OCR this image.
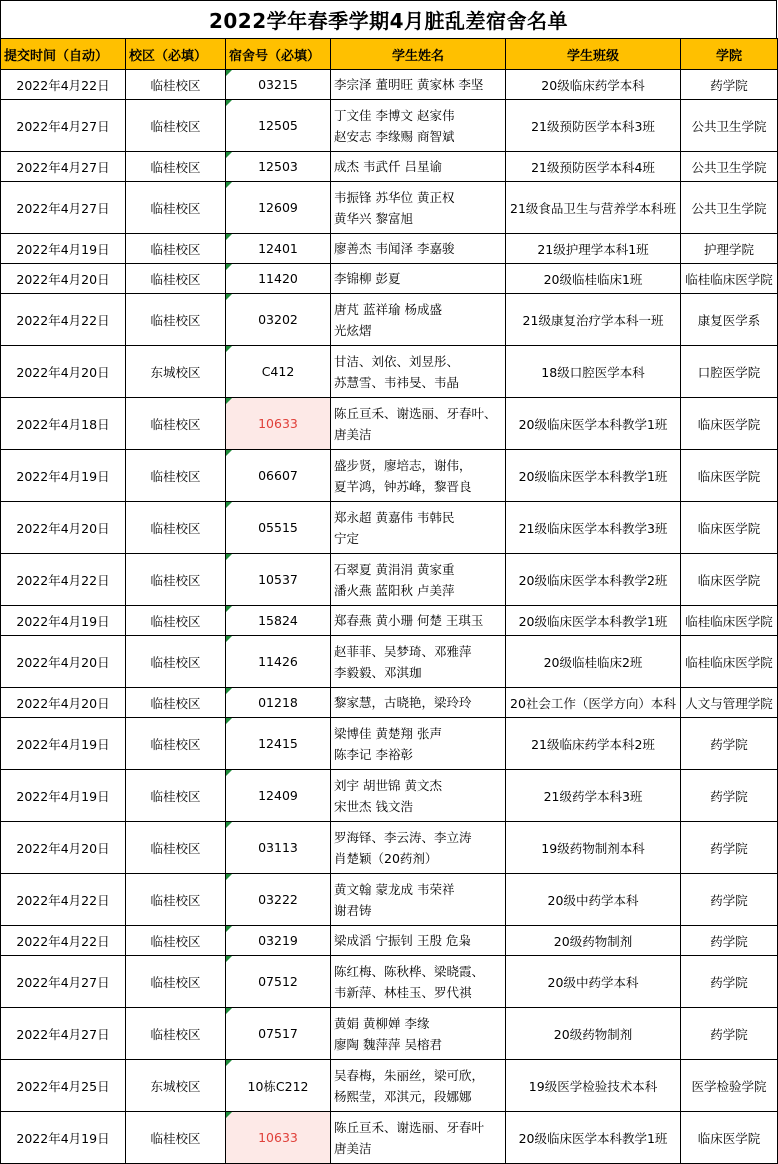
2022学年春季学期4月脏乱差宿舍名单
提交时间（自动）	校区（必填）	宿舍号（必填）	学生姓名	学生班级	学院
2022年4月22日	临桂校区	03215	李宗泽 董明旺 黄家林 李坚	20级临床药学本科	药学院
2022年4月27日	临桂校区	12505	丁文佳 李博文 赵家伟
赵安志 李缘赐 商智斌	21级预防医学本科3班	公共卫生学院
2022年4月27日	临桂校区	12503	成杰 韦武仟 吕星谕	21级预防医学本科4班	公共卫生学院
2022年4月27日	临桂校区	12609	韦振锋 苏华位 黄正权
黄华兴 黎富旭	21级食品卫生与营养学本科班	公共卫生学院
2022年4月19日	临桂校区	12401	廖善杰 韦闻泽 李嘉骏	21级护理学本科1班	护理学院
2022年4月20日	临桂校区	11420	李锦柳 彭夏	20级临桂临床1班	临桂临床医学院
2022年4月22日	临桂校区	03202	唐芃 蓝祥瑜 杨成盛
光炫熠	21级康复治疗学本科一班	康复医学系
2022年4月20日	东城校区	C412	甘洁、刘依、刘昱彤、
苏慧雪、韦祎旻、韦晶	18级口腔医学本科	口腔医学院
2022年4月18日	临桂校区	10633	陈丘亘禾、谢选丽、牙春叶、
唐美洁	20级临床医学本科教学1班	临床医学院
2022年4月19日	临桂校区	06607	盛步贤，廖培志，谢伟，
夏芊鸿，钟苏峰，黎晋良	20级临床医学本科教学1班	临床医学院
2022年4月20日	临桂校区	05515	郑永超 黄嘉伟 韦韩民
宁定	21级临床医学本科教学3班	临床医学院
2022年4月22日	临桂校区	10537	石翠夏 黄涓涓 黄家重
潘火燕 蓝阳秋 卢美萍	20级临床医学本科教学2班	临床医学院
2022年4月19日	临桂校区	15824	郑春燕 黄小珊 何楚 王琪玉	20级临床医学本科教学1班	临桂临床医学院
2022年4月20日	临桂校区	11426	赵菲菲、吴梦琦、邓雅萍
李毅毅、邓淇珈	20级临桂临床2班	临桂临床医学院
2022年4月20日	临桂校区	01218	黎家慧，古晓艳，梁玲玲	20社会工作（医学方向）本科	人文与管理学院
2022年4月19日	临桂校区	12415	梁博佳 黄楚翔 张声
陈李记 李裕彰	21级临床药学本科2班	药学院
2022年4月19日	临桂校区	12409	刘宇 胡世锦 黄文杰
宋世杰 钱文浩	21级药学本科3班	药学院
2022年4月20日	临桂校区	03113	罗海铎、李云涛、李立涛
肖楚颖（20药剂）	19级药物制剂本科	药学院
2022年4月22日	临桂校区	03222	黄文翰 蒙龙成 韦荣祥
谢君铸	20级中药学本科	药学院
2022年4月22日	临桂校区	03219	梁成滔 宁振钊 王殷 危枭	20级药物制剂	药学院
2022年4月27日	临桂校区	07512	陈红梅、陈秋桦、梁晓霞、
韦新萍、林桂玉、罗代祺	20级中药学本科	药学院
2022年4月27日	临桂校区	07517	黄娟 黄柳婵 李缘
廖陶 魏萍萍 吴榕君	20级药物制剂	药学院
2022年4月25日	东城校区	10栋C212	吴春梅，朱丽丝，梁可欣，
杨熙莹，邓淇元，段娜娜	19级医学检验技术本科	医学检验学院
2022年4月19日	临桂校区	10633	陈丘亘禾、谢选丽、牙春叶
唐美洁	20级临床医学本科教学1班	临床医学院
